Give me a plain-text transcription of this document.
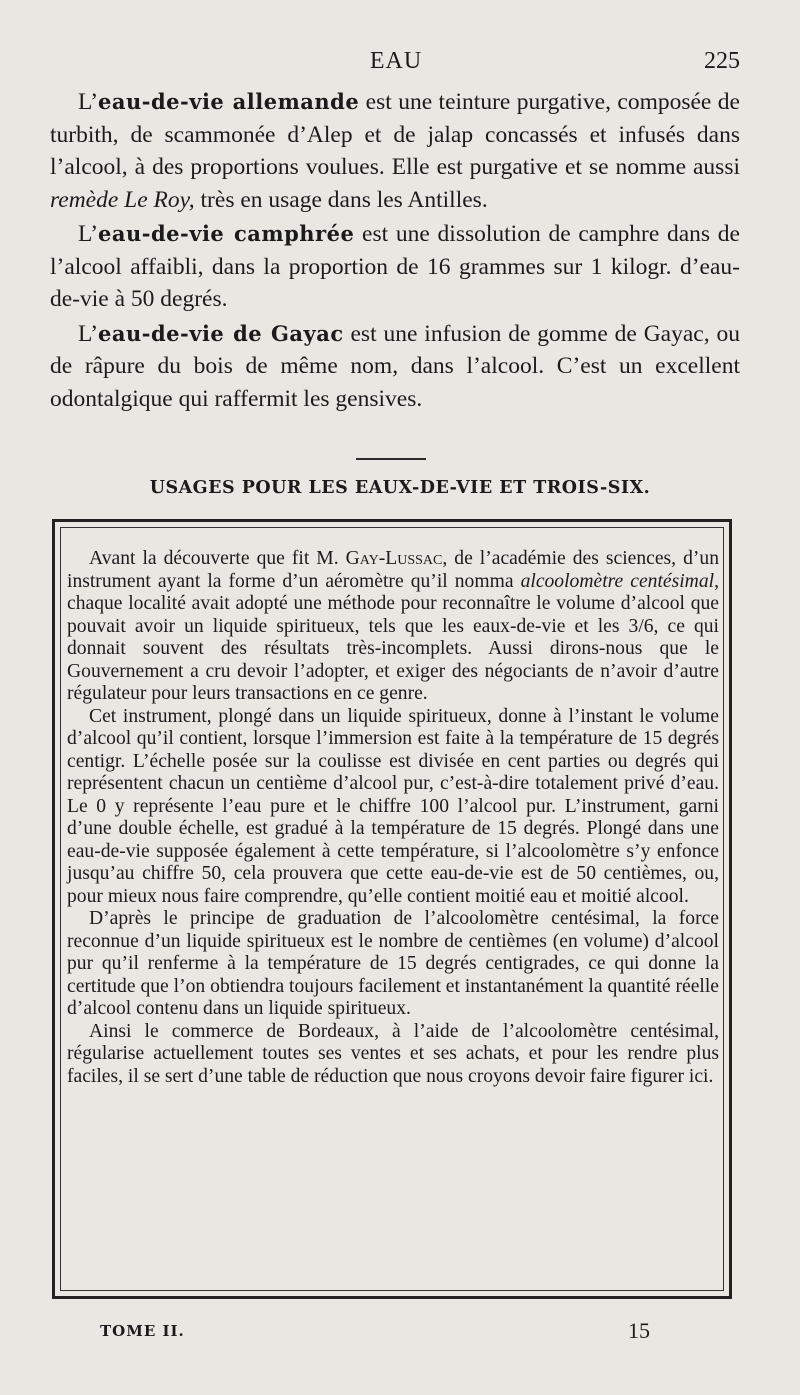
EAU	225

L’eau-de-vie allemande est une teinture purgative, composée de turbith, de scammonée d’Alep et de jalap concassés et infusés dans l’alcool, à des proportions voulues. Elle est purgative et se nomme aussi remède Le Roy, très en usage dans les Antilles.

L’eau-de-vie camphrée est une dissolution de camphre dans de l’alcool affaibli, dans la proportion de 16 grammes sur 1 kilogr. d’eau-de-vie à 50 degrés.

L’eau-de-vie de Gayac est une infusion de gomme de Gayac, ou de râpure du bois de même nom, dans l’alcool. C’est un excellent odontalgique qui raffermit les gensives.

USAGES POUR LES EAUX-DE-VIE ET TROIS-SIX.

Avant la découverte que fit M. Gay-Lussac, de l’académie des sciences, d’un instrument ayant la forme d’un aéromètre qu’il nomma alcoolomètre centésimal, chaque localité avait adopté une méthode pour reconnaître le volume d’alcool que pouvait avoir un liquide spiritueux, tels que les eaux-de-vie et les 3/6, ce qui donnait souvent des résultats très-incomplets. Aussi dirons-nous que le Gouvernement a cru devoir l’adopter, et exiger des négociants de n’avoir d’autre régulateur pour leurs transactions en ce genre.

Cet instrument, plongé dans un liquide spiritueux, donne à l’instant le volume d’alcool qu’il contient, lorsque l’immersion est faite à la température de 15 degrés centigr. L’échelle posée sur la coulisse est divisée en cent parties ou degrés qui représentent chacun un centième d’alcool pur, c’est-à-dire totalement privé d’eau. Le 0 y représente l’eau pure et le chiffre 100 l’alcool pur. L’instrument, garni d’une double échelle, est gradué à la température de 15 degrés. Plongé dans une eau-de-vie supposée également à cette température, si l’alcoolomètre s’y enfonce jusqu’au chiffre 50, cela prouvera que cette eau-de-vie est de 50 centièmes, ou, pour mieux nous faire comprendre, qu’elle contient moitié eau et moitié alcool.

D’après le principe de graduation de l’alcoolomètre centésimal, la force reconnue d’un liquide spiritueux est le nombre de centièmes (en volume) d’alcool pur qu’il renferme à la température de 15 degrés centigrades, ce qui donne la certitude que l’on obtiendra toujours facilement et instantanément la quantité réelle d’alcool contenu dans un liquide spiritueux.

Ainsi le commerce de Bordeaux, à l’aide de l’alcoolomètre centésimal, régularise actuellement toutes ses ventes et ses achats, et pour les rendre plus faciles, il se sert d’une table de réduction que nous croyons devoir faire figurer ici.

TOME II.	15
